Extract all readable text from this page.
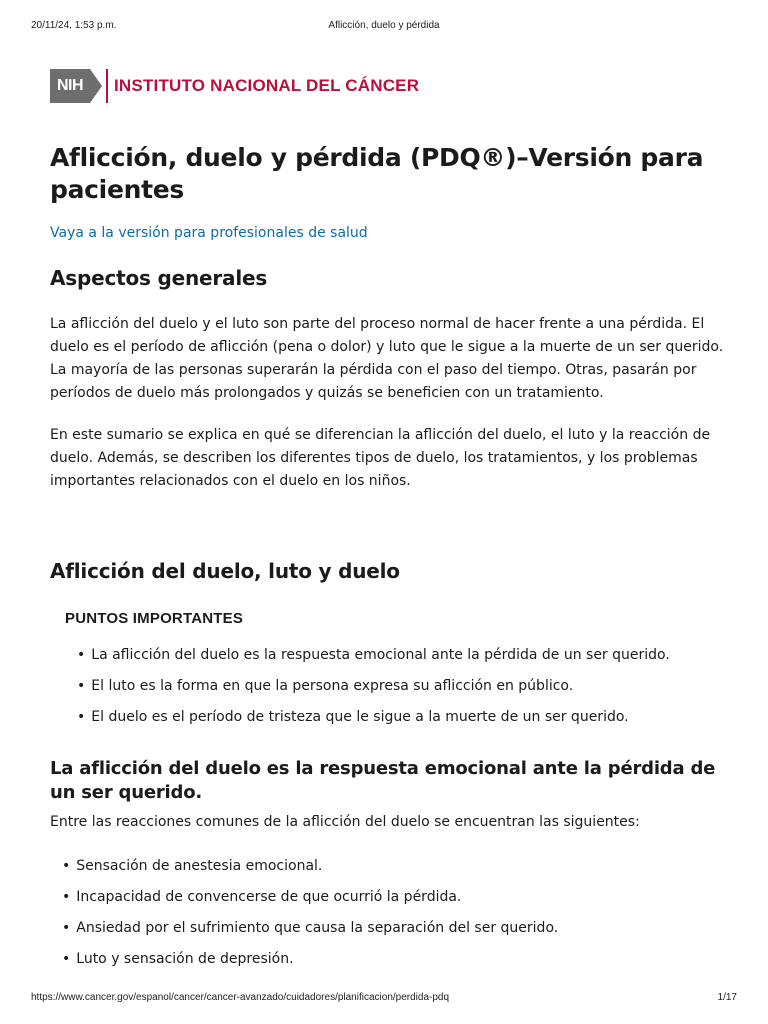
20/11/24, 1:53 p.m.	Aflicción, duelo y pérdida
NIH	INSTITUTO NACIONAL DEL CÁNCER
Aflicción, duelo y pérdida (PDQ®)–Versión para pacientes
Vaya a la versión para profesionales de salud
Aspectos generales

La aflicción del duelo y el luto son parte del proceso normal de hacer frente a una pérdida. El duelo es el período de aflicción (pena o dolor) y luto que le sigue a la muerte de un ser querido. La mayoría de las personas superarán la pérdida con el paso del tiempo. Otras, pasarán por períodos de duelo más prolongados y quizás se beneficien con un tratamiento.

En este sumario se explica en qué se diferencian la aflicción del duelo, el luto y la reacción de duelo. Además, se describen los diferentes tipos de duelo, los tratamientos, y los problemas importantes relacionados con el duelo en los niños.

Aflicción del duelo, luto y duelo
PUNTOS IMPORTANTES
• La aflicción del duelo es la respuesta emocional ante la pérdida de un ser querido.
• El luto es la forma en que la persona expresa su aflicción en público.
• El duelo es el período de tristeza que le sigue a la muerte de un ser querido.
La aflicción del duelo es la respuesta emocional ante la pérdida de un ser querido.

Entre las reacciones comunes de la aflicción del duelo se encuentran las siguientes:

• Sensación de anestesia emocional.
• Incapacidad de convencerse de que ocurrió la pérdida.
• Ansiedad por el sufrimiento que causa la separación del ser querido.
• Luto y sensación de depresión.
https://www.cancer.gov/espanol/cancer/cancer-avanzado/cuidadores/planificacion/perdida-pdq	1/17
